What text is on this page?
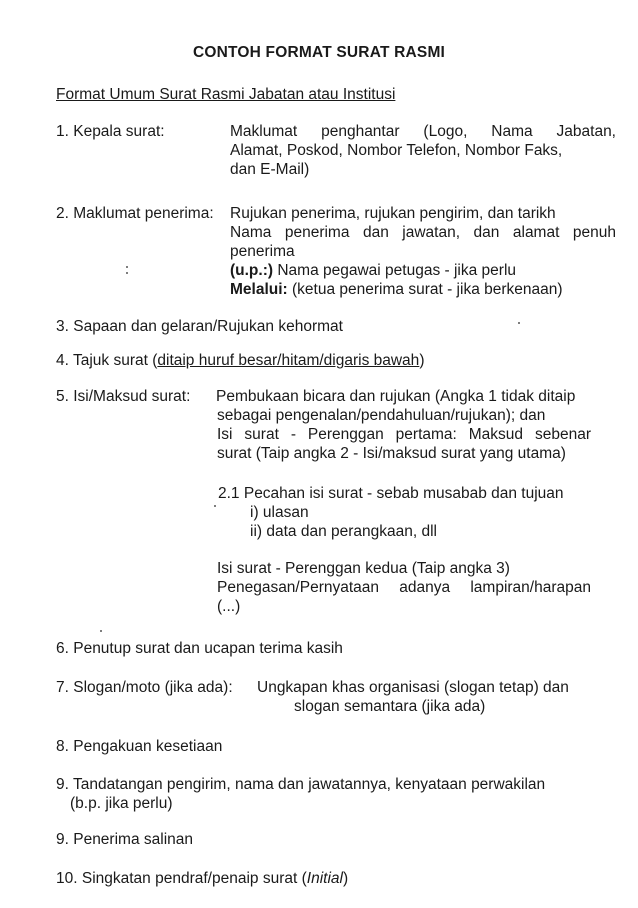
CONTOH FORMAT SURAT RASMI
Format Umum Surat Rasmi Jabatan atau Institusi
1. Kepala surat:	Maklumat penghantar (Logo, Nama Jabatan,
Alamat, Poskod, Nombor Telefon, Nombor Faks,
dan E-Mail)
2. Maklumat penerima: Rujukan penerima, rujukan pengirim, dan tarikh
Nama penerima dan jawatan, dan alamat penuh
penerima
(u.p.:) Nama pegawai petugas - jika perlu
Melalui: (ketua penerima surat - jika berkenaan)
3. Sapaan dan gelaran/Rujukan kehormat
4. Tajuk surat (ditaip huruf besar/hitam/digaris bawah)
5. Isi/Maksud surat: Pembukaan bicara dan rujukan (Angka 1 tidak ditaip
sebagai pengenalan/pendahuluan/rujukan); dan
Isi surat - Perenggan pertama: Maksud sebenar
surat (Taip angka 2 - Isi/maksud surat yang utama)
2.1 Pecahan isi surat - sebab musabab dan tujuan
i) ulasan
ii) data dan perangkaan, dll
Isi surat - Perenggan kedua (Taip angka 3)
Penegasan/Pernyataan adanya lampiran/harapan
(...)
6. Penutup surat dan ucapan terima kasih
7. Slogan/moto (jika ada): Ungkapan khas organisasi (slogan tetap) dan
slogan semantara (jika ada)
8. Pengakuan kesetiaan
9. Tandatangan pengirim, nama dan jawatannya, kenyataan perwakilan
(b.p. jika perlu)
9. Penerima salinan
10. Singkatan pendraf/penaip surat (Initial)
